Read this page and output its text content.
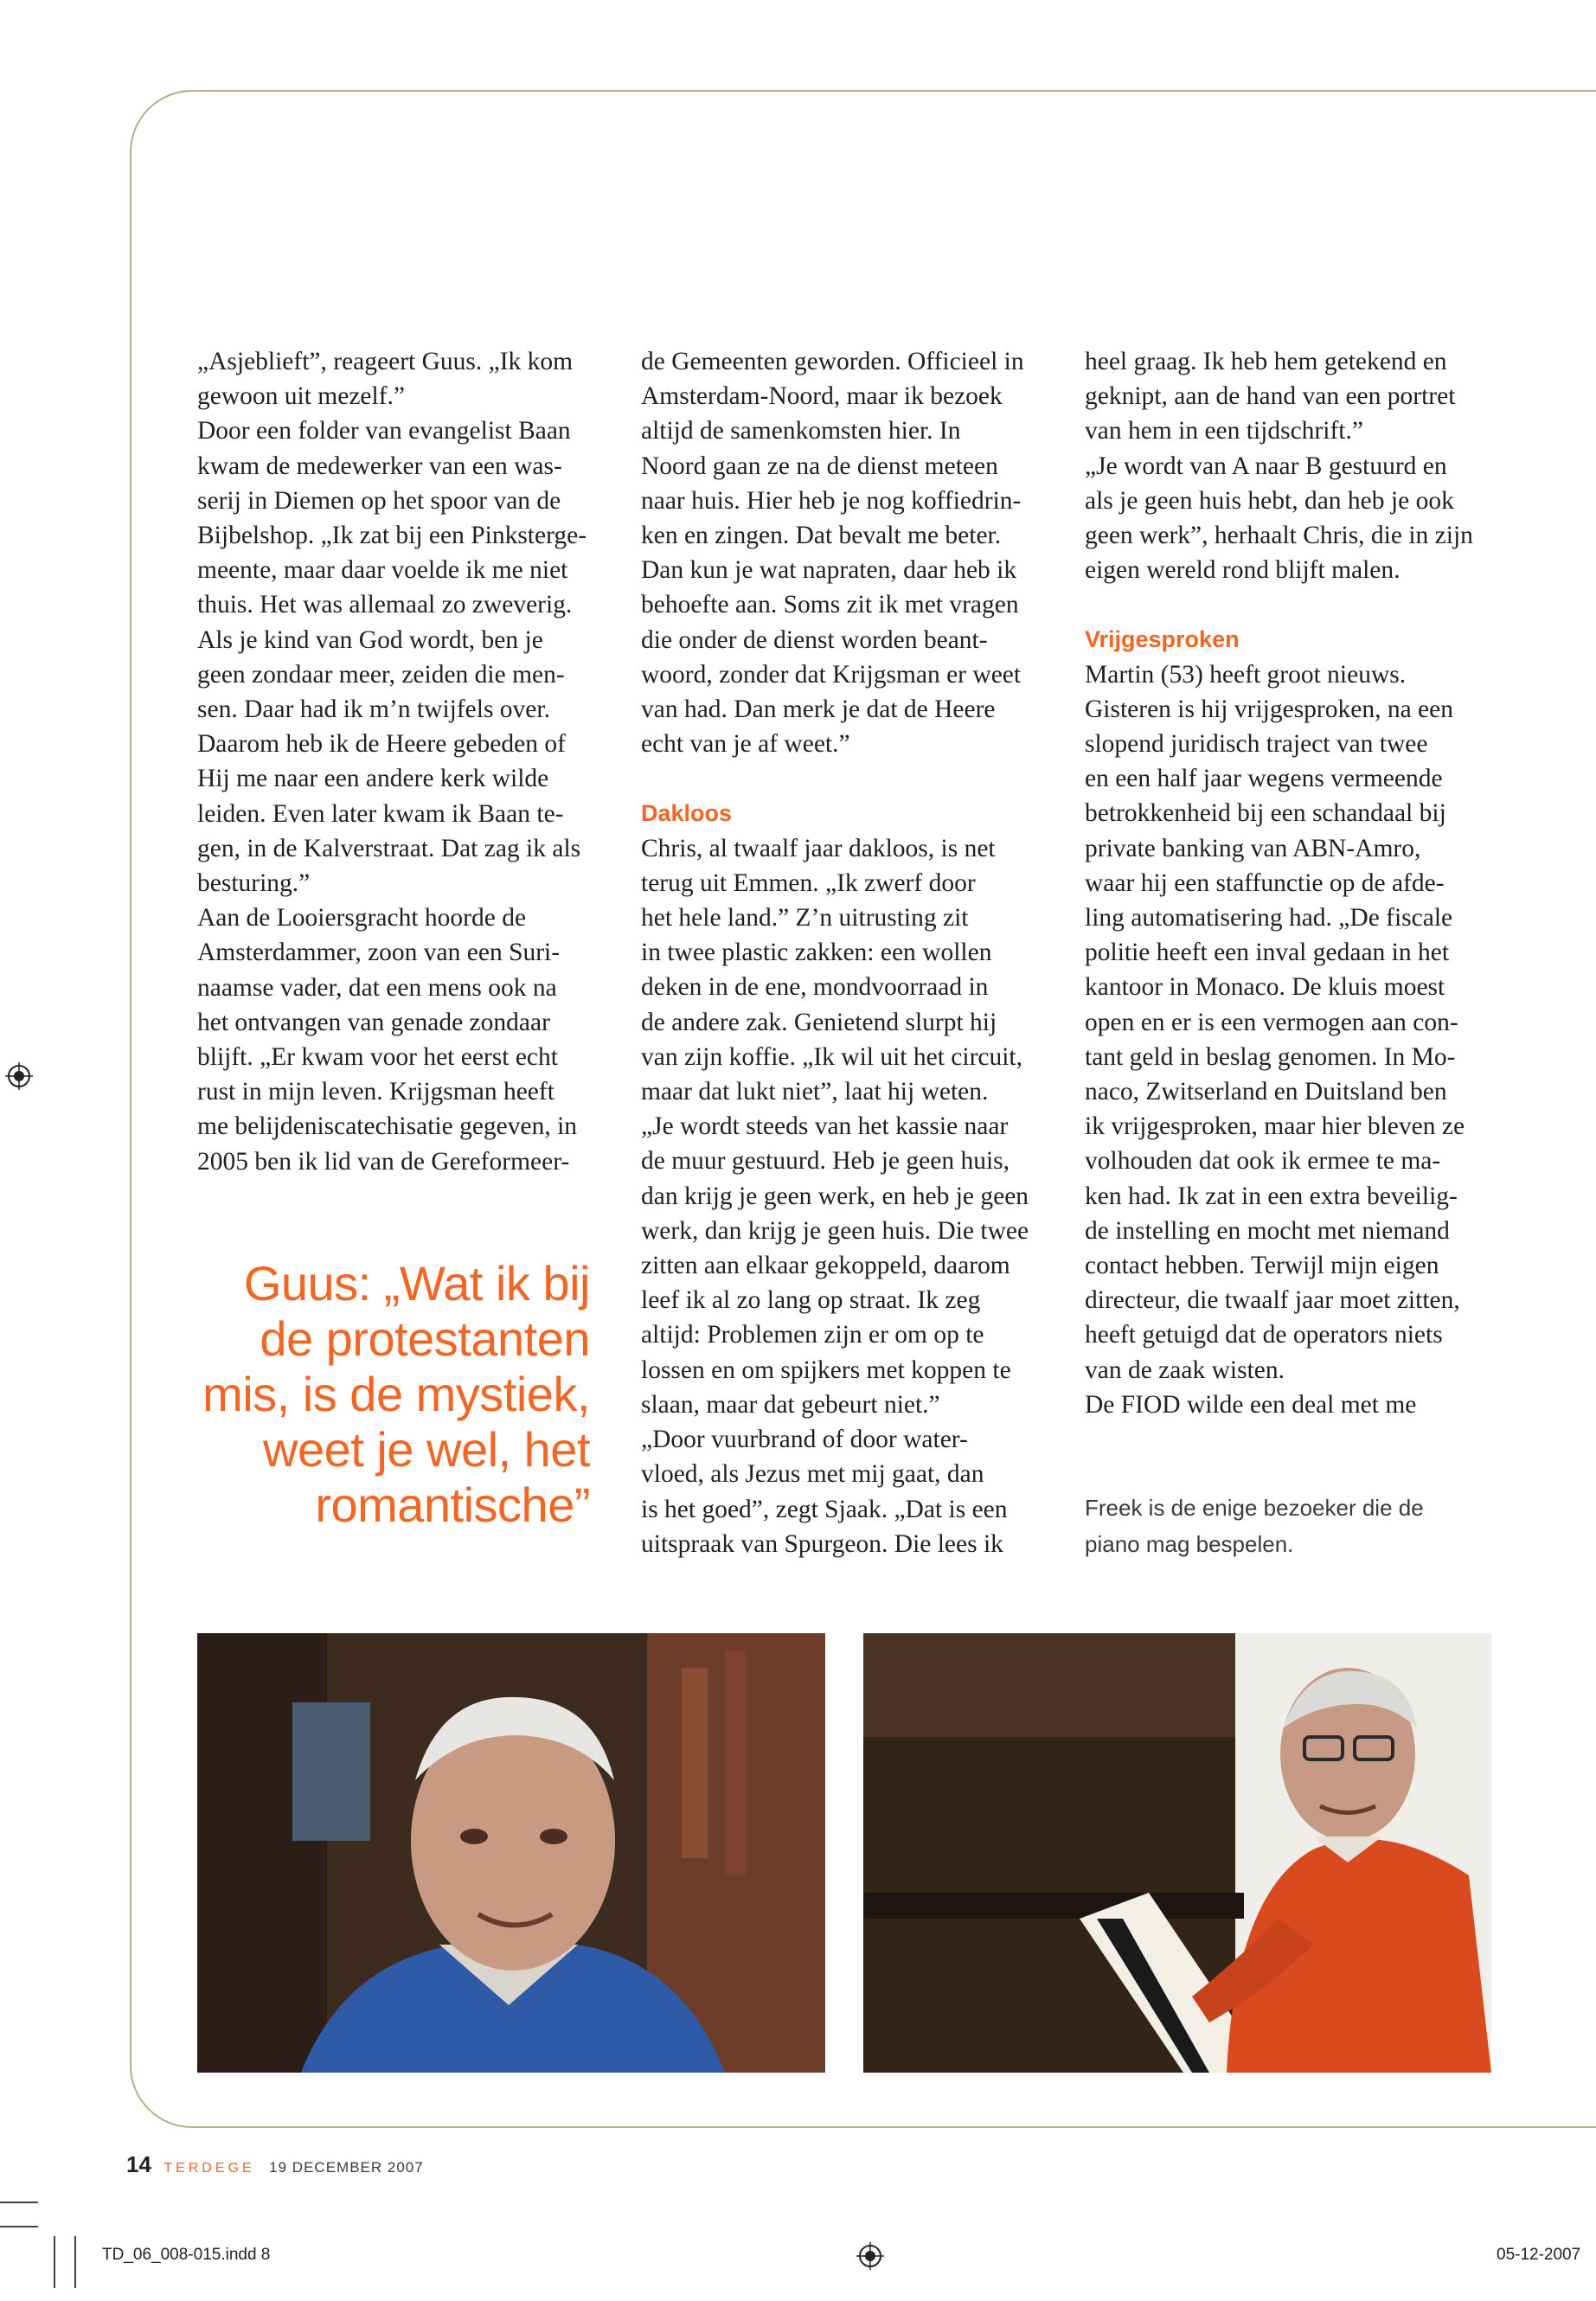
„Asjeblieft”, reageert Guus. „Ik kom
gewoon uit mezelf.”
Door een folder van evangelist Baan
kwam de medewerker van een was-
serij in Diemen op het spoor van de
Bijbelshop. „Ik zat bij een Pinksterge-
meente, maar daar voelde ik me niet
thuis. Het was allemaal zo zweverig.
Als je kind van God wordt, ben je
geen zondaar meer, zeiden die men-
sen. Daar had ik m’n twijfels over.
Daarom heb ik de Heere gebeden of
Hij me naar een andere kerk wilde
leiden. Even later kwam ik Baan te-
gen, in de Kalverstraat. Dat zag ik als
besturing.”
Aan de Looiersgracht hoorde de
Amsterdammer, zoon van een Suri-
naamse vader, dat een mens ook na
het ontvangen van genade zondaar
blijft. „Er kwam voor het eerst echt
rust in mijn leven. Krijgsman heeft
me belijdeniscatechisatie gegeven, in
2005 ben ik lid van de Gereformeer-
de Gemeenten geworden. Officieel in
Amsterdam-Noord, maar ik bezoek
altijd de samenkomsten hier. In
Noord gaan ze na de dienst meteen
naar huis. Hier heb je nog koffiedrin-
ken en zingen. Dat bevalt me beter.
Dan kun je wat napraten, daar heb ik
behoefte aan. Soms zit ik met vragen
die onder de dienst worden beant-
woord, zonder dat Krijgsman er weet
van had. Dan merk je dat de Heere
echt van je af weet.”
Dakloos
Chris, al twaalf jaar dakloos, is net
terug uit Emmen. „Ik zwerf door
het hele land.” Z’n uitrusting zit
in twee plastic zakken: een wollen
deken in de ene, mondvoorraad in
de andere zak. Genietend slurpt hij
van zijn koffie. „Ik wil uit het circuit,
maar dat lukt niet”, laat hij weten.
„Je wordt steeds van het kassie naar
de muur gestuurd. Heb je geen huis,
dan krijg je geen werk, en heb je geen
werk, dan krijg je geen huis. Die twee
zitten aan elkaar gekoppeld, daarom
leef ik al zo lang op straat. Ik zeg
altijd: Problemen zijn er om op te
lossen en om spijkers met koppen te
slaan, maar dat gebeurt niet.”
„Door vuurbrand of door water-
vloed, als Jezus met mij gaat, dan
is het goed”, zegt Sjaak. „Dat is een
uitspraak van Spurgeon. Die lees ik
heel graag. Ik heb hem getekend en
geknipt, aan de hand van een portret
van hem in een tijdschrift.”
„Je wordt van A naar B gestuurd en
als je geen huis hebt, dan heb je ook
geen werk”, herhaalt Chris, die in zijn
eigen wereld rond blijft malen.
Vrijgesproken
Martin (53) heeft groot nieuws.
Gisteren is hij vrijgesproken, na een
slopend juridisch traject van twee
en een half jaar wegens vermeende
betrokkenheid bij een schandaal bij
private banking van ABN-Amro,
waar hij een staffunctie op de afde-
ling automatisering had. „De fiscale
politie heeft een inval gedaan in het
kantoor in Monaco. De kluis moest
open en er is een vermogen aan con-
tant geld in beslag genomen. In Mo-
naco, Zwitserland en Duitsland ben
ik vrijgesproken, maar hier bleven ze
volhouden dat ook ik ermee te ma-
ken had. Ik zat in een extra beveilig-
de instelling en mocht met niemand
contact hebben. Terwijl mijn eigen
directeur, die twaalf jaar moet zitten,
heeft getuigd dat de operators niets
van de zaak wisten.
De FIOD wilde een deal met me
Guus: „Wat ik bij
de protestanten
mis, is de mystiek,
weet je wel, het
romantische”	Freek is de enige bezoeker die de
piano mag bespelen.
14 TERDEGE 19 DECEMBER 2007
TD_06_008-015.indd 8	05-12-2007
